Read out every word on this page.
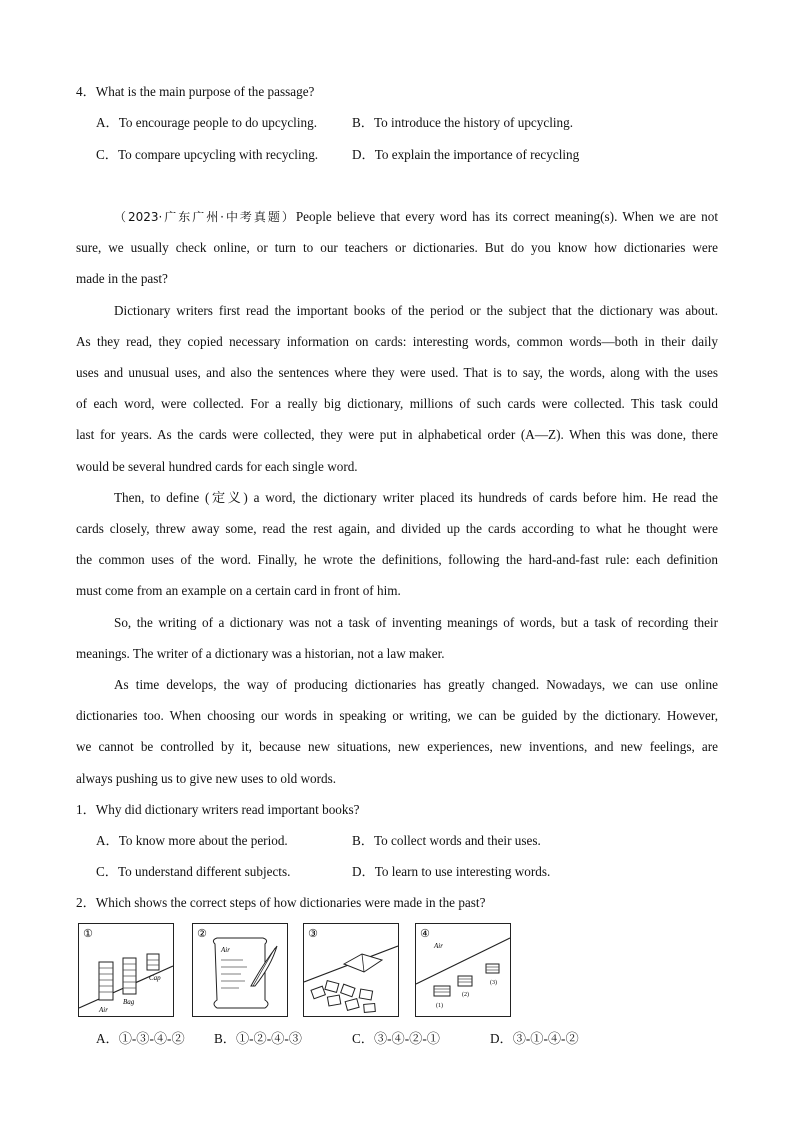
4．What is the main purpose of the passage?
A．To encourage people to do upcycling.	B．To introduce the history of upcycling.
C．To compare upcycling with recycling.	D．To explain the importance of recycling
（2023·广东广州·中考真题）People believe that every word has its correct meaning(s). When we are not
sure, we usually check online, or turn to our teachers or dictionaries. But do you know how dictionaries were
made in the past?
Dictionary writers first read the important books of the period or the subject that the dictionary was about.
As they read, they copied necessary information on cards: interesting words, common words—both in their daily
uses and unusual uses, and also the sentences where they were used. That is to say, the words, along with the uses
of each word, were collected. For a really big dictionary, millions of such cards were collected. This task could
last for years. As the cards were collected, they were put in alphabetical order (A—Z). When this was done, there
would be several hundred cards for each single word.
Then, to define (定义) a word, the dictionary writer placed its hundreds of cards before him. He read the
cards closely, threw away some, read the rest again, and divided up the cards according to what he thought were
the common uses of the word. Finally, he wrote the definitions, following the hard-and-fast rule: each definition
must come from an example on a certain card in front of him.
So, the writing of a dictionary was not a task of inventing meanings of words, but a task of recording their
meanings. The writer of a dictionary was a historian, not a law maker.
As time develops, the way of producing dictionaries has greatly changed. Nowadays, we can use online
dictionaries too. When choosing our words in speaking or writing, we can be guided by the dictionary. However,
we cannot be controlled by it, because new situations, new experiences, new inventions, and new feelings, are
always pushing us to give new uses to old words.
1．Why did dictionary writers read important books?
A．To know more about the period.	B．To collect words and their uses.
C．To understand different subjects.	D．To learn to use interesting words.
2．Which shows the correct steps of how dictionaries were made in the past?
①
Air
Bag
Cap
②
Air
③	④
Air
(1)
(2)
(3)
A．①-③-④-② B．①-②-④-③	C．③-④-②-①	D．③-①-④-②
